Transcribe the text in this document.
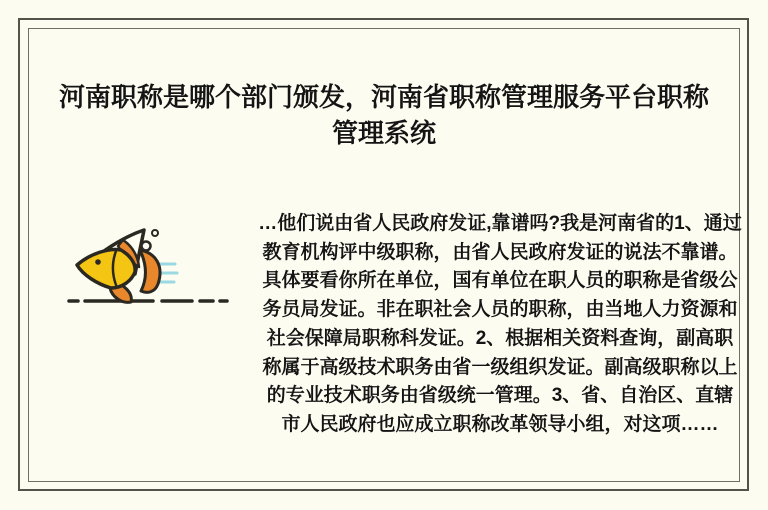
河南职称是哪个部门颁发，河南省职称管理服务平台职称管理系统

…他们说由省人民政府发证,靠谱吗?我是河南省的1、通过教育机构评中级职称，由省人民政府发证的说法不靠谱。具体要看你所在单位，国有单位在职人员的职称是省级公务员局发证。非在职社会人员的职称，由当地人力资源和社会保障局职称科发证。2、根据相关资料查询，副高职称属于高级技术职务由省一级组织发证。副高级职称以上的专业技术职务由省级统一管理。3、省、自治区、直辖市人民政府也应成立职称改革领导小组，对这项……
